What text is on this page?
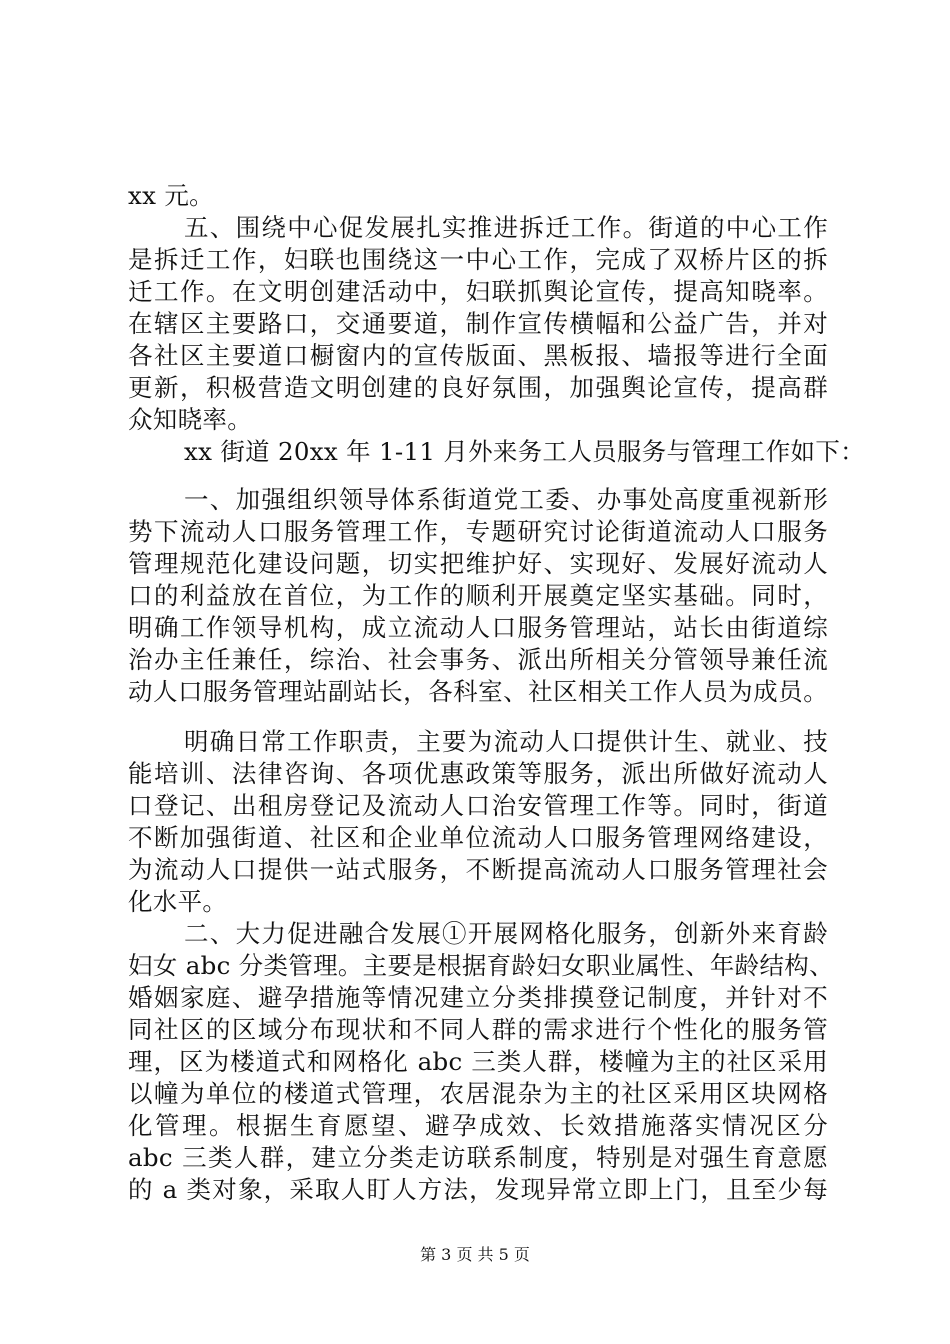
xx 元。
五、围绕中心促发展扎实推进拆迁工作。街道的中心工作
是拆迁工作，妇联也围绕这一中心工作，完成了双桥片区的拆
迁工作。在文明创建活动中，妇联抓舆论宣传，提高知晓率。
在辖区主要路口，交通要道，制作宣传横幅和公益广告，并对
各社区主要道口橱窗内的宣传版面、黑板报、墙报等进行全面
更新，积极营造文明创建的良好氛围，加强舆论宣传，提高群
众知晓率。
xx 街道 20xx 年 1-11 月外来务工人员服务与管理工作如下：
一、加强组织领导体系街道党工委、办事处高度重视新形
势下流动人口服务管理工作，专题研究讨论街道流动人口服务
管理规范化建设问题，切实把维护好、实现好、发展好流动人
口的利益放在首位，为工作的顺利开展奠定坚实基础。同时，
明确工作领导机构，成立流动人口服务管理站，站长由街道综
治办主任兼任，综治、社会事务、派出所相关分管领导兼任流
动人口服务管理站副站长，各科室、社区相关工作人员为成员。
明确日常工作职责，主要为流动人口提供计生、就业、技
能培训、法律咨询、各项优惠政策等服务，派出所做好流动人
口登记、出租房登记及流动人口治安管理工作等。同时，街道
不断加强街道、社区和企业单位流动人口服务管理网络建设，
为流动人口提供一站式服务，不断提高流动人口服务管理社会
化水平。
二、大力促进融合发展①开展网格化服务，创新外来育龄
妇女 abc 分类管理。主要是根据育龄妇女职业属性、年龄结构、
婚姻家庭、避孕措施等情况建立分类排摸登记制度，并针对不
同社区的区域分布现状和不同人群的需求进行个性化的服务管
理，区为楼道式和网格化 abc 三类人群，楼幢为主的社区采用
以幢为单位的楼道式管理，农居混杂为主的社区采用区块网格
化管理。根据生育愿望、避孕成效、长效措施落实情况区分
abc 三类人群，建立分类走访联系制度，特别是对强生育意愿
的 a 类对象，采取人盯人方法，发现异常立即上门，且至少每
第 3 页 共 5 页
